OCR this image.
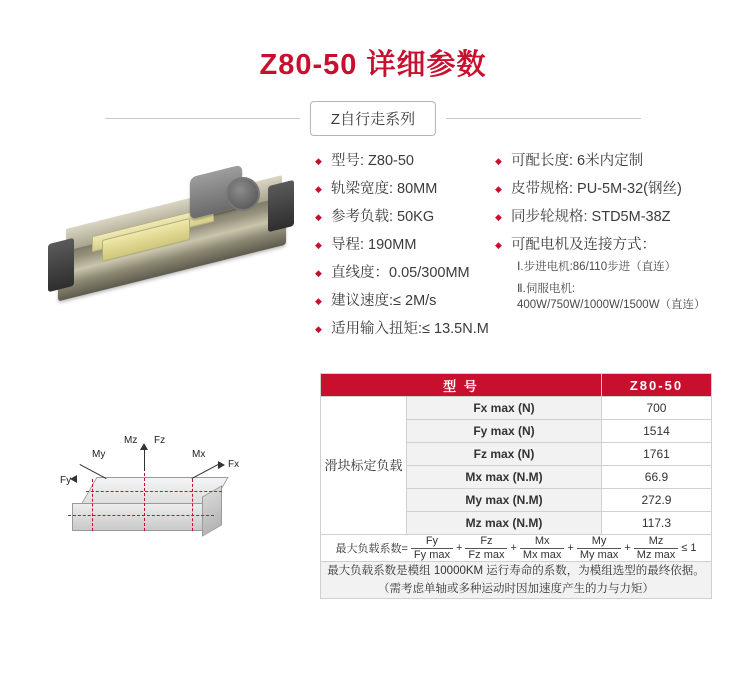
Z80-50 详细参数
Z自行走系列
◆ 型号: Z80-50
◆ 轨梁宽度: 80MM
◆ 参考负载: 50KG
◆ 导程: 190MM
◆ 直线度：0.05/300MM
◆ 建议速度:≤ 2M/s
◆ 适用输入扭矩:≤ 13.5N.M
◆ 可配长度: 6米内定制
◆ 皮带规格: PU-5M-32(钢丝)
◆ 同步轮规格: STD5M-38Z
◆ 可配电机及连接方式：
Ⅰ.步进电机:86/110步进（直连）
Ⅱ.伺服电机:
400W/750W/1000W/1500W（直连）
Mz Fz
My	Mx
Fy
Fx
型 号		Z80-50
滑块标定负载	Fx max (N)	700
	Fy max (N)	1514
	Fz max (N)	1761
	Mx max (N.M)	66.9
	My max (N.M)	272.9
	Mz max (N.M)	117.3

最大负载系数= $\frac{Fy}{\text{Fy max}} + \frac{Fz}{\text{Fz max}} + \frac{Mx}{\text{Mx max}} + \frac{My}{\text{My max}} + \frac{Mz}{\text{Mz max}} \le 1$

最大负载系数是模组 10000KM 运行寿命的系数，为模组选型的最终依据。（需考虑单轴或多种运动时因加速度产生的力与力矩）		
